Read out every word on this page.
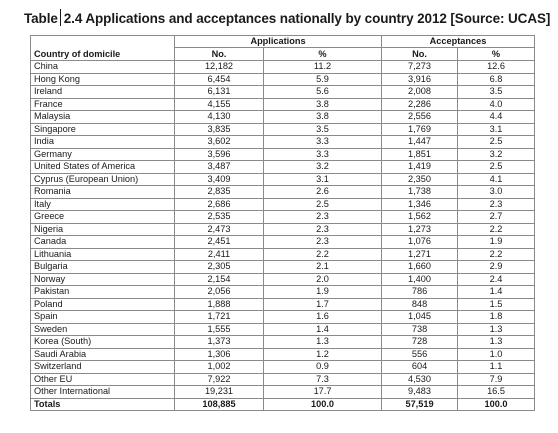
Table 2.4 Applications and acceptances nationally by country 2012 [Source: UCAS]
	Applications		Acceptances	
Country of domicile	No.	%	No.	%
China	12,182	11.2	7,273	12.6
Hong Kong	6,454	5.9	3,916	6.8
Ireland	6,131	5.6	2,008	3.5
France	4,155	3.8	2,286	4.0
Malaysia	4,130	3.8	2,556	4.4
Singapore	3,835	3.5	1,769	3.1
India	3,602	3.3	1,447	2.5
Germany	3,596	3.3	1,851	3.2
United States of America	3,487	3.2	1,419	2.5
Cyprus (European Union)	3,409	3.1	2,350	4.1
Romania	2,835	2.6	1,738	3.0
Italy	2,686	2.5	1,346	2.3
Greece	2,535	2.3	1,562	2.7
Nigeria	2,473	2.3	1,273	2.2
Canada	2,451	2.3	1,076	1.9
Lithuania	2,411	2.2	1,271	2.2
Bulgaria	2,305	2.1	1,660	2.9
Norway	2,154	2.0	1,400	2.4
Pakistan	2,056	1.9	786	1.4
Poland	1,888	1.7	848	1.5
Spain	1,721	1.6	1,045	1.8
Sweden	1,555	1.4	738	1.3
Korea (South)	1,373	1.3	728	1.3
Saudi Arabia	1,306	1.2	556	1.0
Switzerland	1,002	0.9	604	1.1
Other EU	7,922	7.3	4,530	7.9
Other International	19,231	17.7	9,483	16.5
Totals	108,885	100.0	57,519	100.0
